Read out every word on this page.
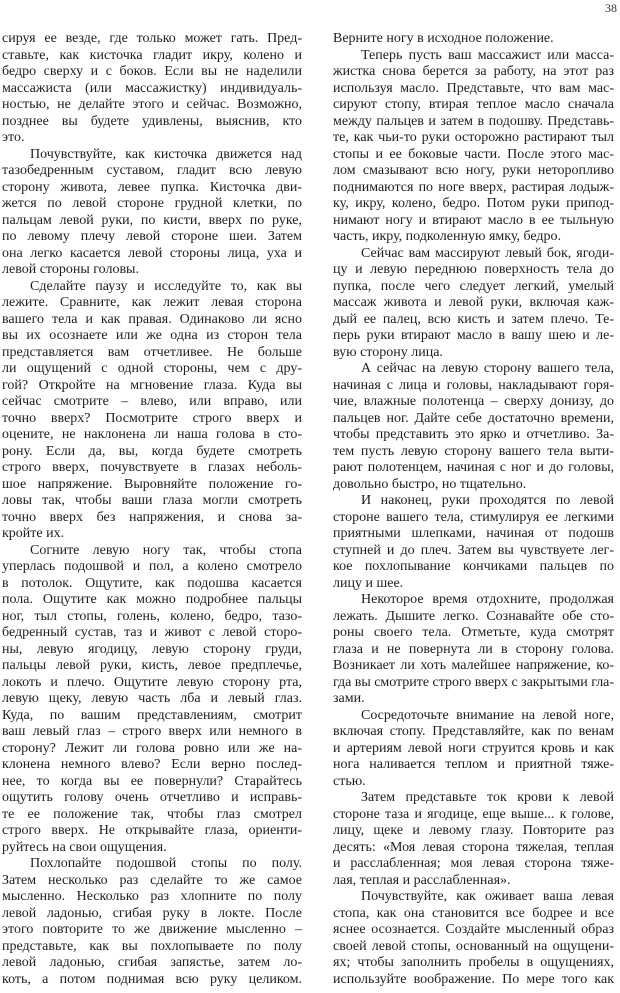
38
сируя ее везде, где только может гать. Пред-
ставьте, как кисточка гладит икру, колено и
бедро сверху и с боков. Если вы не наделили
массажиста (или массажистку) индивидуаль-
ностью, не делайте этого и сейчас. Возможно,
позднее вы будете удивлены, выяснив, кто
это.
Почувствуйте, как кисточка движется над
тазобедренным суставом, гладит всю левую
сторону живота, левее пупка. Кисточка дви-
жется по левой стороне грудной клетки, по
пальцам левой руки, по кисти, вверх по руке,
по левому плечу левой стороне шеи. Затем
она легко касается левой стороны лица, уха и
левой стороны головы.
Сделайте паузу и исследуйте то, как вы
лежите. Сравните, как лежит левая сторона
вашего тела и как правая. Одинаково ли ясно
вы их осознаете или же одна из сторон тела
представляется вам отчетливее. Не больше
ли ощущений с одной стороны, чем с дру-
гой? Откройте на мгновение глаза. Куда вы
сейчас смотрите – влево, или вправо, или
точно вверх? Посмотрите строго вверх и
оцените, не наклонена ли наша голова в сто-
рону. Если да, вы, когда будете смотреть
строго вверх, почувствуете в глазах неболь-
шое напряжение. Выровняйте положение го-
ловы так, чтобы ваши глаза могли смотреть
точно вверх без напряжения, и снова за-
кройте их.
Согните левую ногу так, чтобы стопа
уперлась подошвой и пол, а колено смотрело
в потолок. Ощутите, как подошва касается
пола. Ощутите как можно подробнее пальцы
ног, тыл стопы, голень, колено, бедро, тазо-
бедренный сустав, таз и живот с левой сторо-
ны, левую ягодицу, левую сторону груди,
пальцы левой руки, кисть, левое предплечье,
локоть и плечо. Ощутите левую сторону рта,
левую щеку, левую часть лба и левый глаз.
Куда, по вашим представлениям, смотрит
ваш левый глаз – строго вверх или немного в
сторону? Лежит ли голова ровно или же на-
клонена немного влево? Если верно послед-
нее, то когда вы ее повернули? Старайтесь
ощутить голову очень отчетливо и исправь-
те ее положение так, чтобы глаз смотрел
строго вверх. Не открывайте глаза, ориенти-
руйтесь на свои ощущения.
Похлопайте подошвой стопы по полу.
Затем несколько раз сделайте то же самое
мысленно. Несколько раз хлопните по полу
левой ладонью, сгибая руку в локте. После
этого повторите то же движение мысленно –
представьте, как вы похлопываете по полу
левой ладонью, сгибая запястье, затем ло-
коть, а потом поднимая всю руку целиком.
Верните ногу в исходное положение.
Теперь пусть ваш массажист или масса-
жистка снова берется за работу, на этот раз
используя масло. Представьте, что вам мас-
сируют стопу, втирая теплое масло сначала
между пальцев и затем в подошву. Представь-
те, как чьи-то руки осторожно растирают тыл
стопы и ее боковые части. После этого мас-
лом смазывают всю ногу, руки неторопливо
поднимаются по ноге вверх, растирая лодыж-
ку, икру, колено, бедро. Потом руки припод-
нимают ногу и втирают масло в ее тыльную
часть, икру, подколенную ямку, бедро.
Сейчас вам массируют левый бок, ягоди-
цу и левую переднюю поверхность тела до
пупка, после чего следует легкий, умелый
массаж живота и левой руки, включая каж-
дый ее палец, всю кисть и затем плечо. Те-
перь руки втирают масло в вашу шею и ле-
вую сторону лица.
А сейчас на левую сторону вашего тела,
начиная с лица и головы, накладывают горя-
чие, влажные полотенца – сверху донизу, до
пальцев ног. Дайте себе достаточно времени,
чтобы представить это ярко и отчетливо. За-
тем пусть левую сторону вашего тела выти-
рают полотенцем, начиная с ног и до головы,
довольно быстро, но тщательно.
И наконец, руки проходятся по левой
стороне вашего тела, стимулируя ее легкими
приятными шлепками, начиная от подошв
ступней и до плеч. Затем вы чувствуете лег-
кое похлопывание кончиками пальцев по
лицу и шее.
Некоторое время отдохните, продолжая
лежать. Дышите легко. Сознавайте обе сто-
роны своего тела. Отметьте, куда смотрят
глаза и не повернута ли в сторону голова.
Возникает ли хоть малейшее напряжение, ко-
гда вы смотрите строго вверх с закрытыми гла-
зами.
Сосредоточьте внимание на левой ноге,
включая стопу. Представляйте, как по венам
и артериям левой ноги струится кровь и как
нога наливается теплом и приятной тяже-
стью.
Затем представьте ток крови к левой
стороне таза и ягодице, еще выше... к голове,
лицу, щеке и левому глазу. Повторите раз
десять: «Моя левая сторона тяжелая, теплая
и расслабленная; моя левая сторона тяже-
лая, теплая и расслабленная».
Почувствуйте, как оживает ваша левая
стопа, как она становится все бодрее и все
яснее осознается. Создайте мысленный образ
своей левой стопы, основанный на ощущени-
ях; чтобы заполнить пробелы в ощущениях,
используйте воображение. По мере того как
